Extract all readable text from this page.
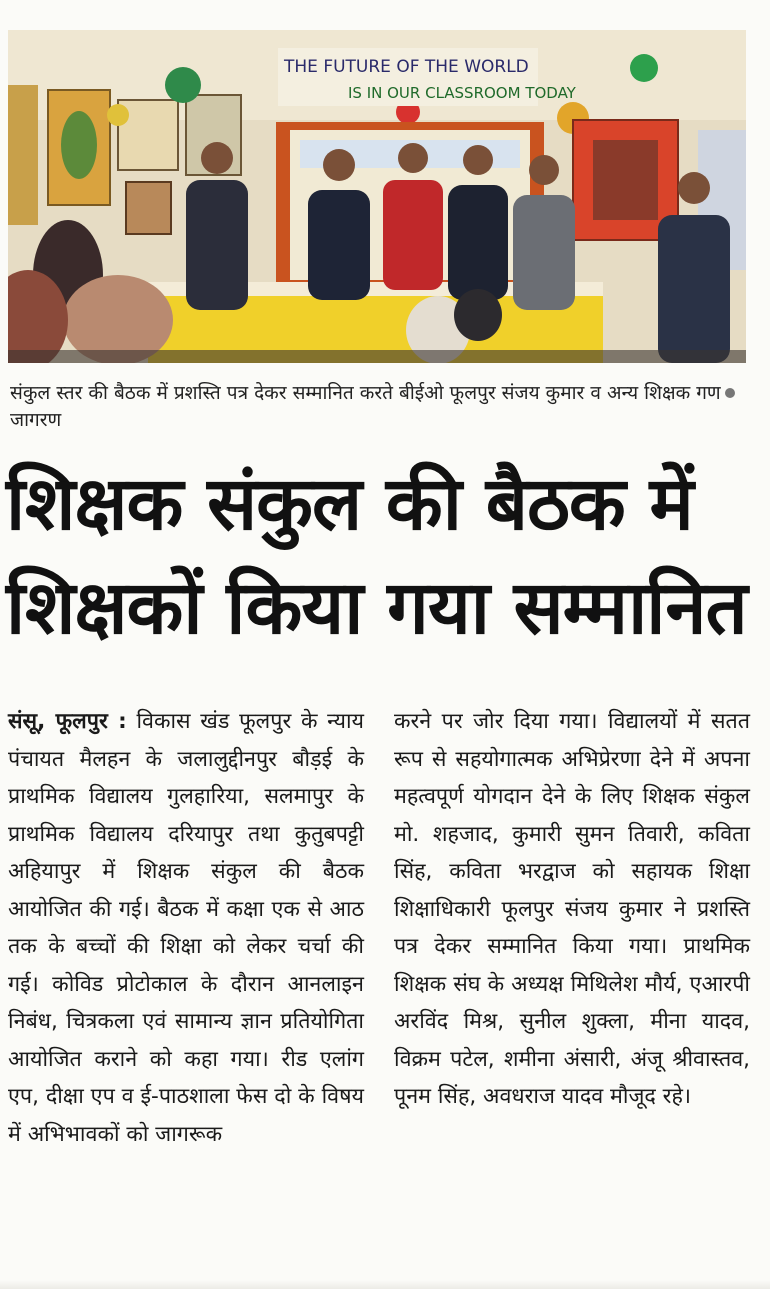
THE FUTURE OF THE WORLD
IS IN OUR CLASSROOM TODAY
संकुल स्तर की बैठक में प्रशस्ति पत्र देकर सम्मानित करते बीईओ फूलपुर संजय कुमार व अन्य शिक्षक गणजागरण
शिक्षक संकुल की बैठक में
शिक्षकों किया गया सम्मानित
संसू, फूलपुर : विकास खंड फूलपुर के न्याय पंचायत मैलहन के जलालुद्दीनपुर बौड़ई के प्राथमिक विद्यालय गुलहारिया, सलमापुर के प्राथमिक विद्यालय दरियापुर तथा कुतुबपट्टी अहियापुर में शिक्षक संकुल की बैठक आयोजित की गई। बैठक में कक्षा एक से आठ तक के बच्चों की शिक्षा को लेकर चर्चा की गई। कोविड प्रोटोकाल के दौरान आनलाइन निबंध, चित्रकला एवं सामान्य ज्ञान प्रतियोगिता आयोजित कराने को कहा गया। रीड एलांग एप, दीक्षा एप व ई-पाठशाला फेस दो के विषय में अभिभावकों को जागरूक
करने पर जोर दिया गया। विद्यालयों में सतत रूप से सहयोगात्मक अभिप्रेरणा देने में अपना महत्वपूर्ण योगदान देने के लिए शिक्षक संकुल मो. शहजाद, कुमारी सुमन तिवारी, कविता सिंह, कविता भरद्वाज को सहायक शिक्षा शिक्षाधिकारी फूलपुर संजय कुमार ने प्रशस्ति पत्र देकर सम्मानित किया गया। प्राथमिक शिक्षक संघ के अध्यक्ष मिथिलेश मौर्य, एआरपी अरविंद मिश्र, सुनील शुक्ला, मीना यादव, विक्रम पटेल, शमीना अंसारी, अंजू श्रीवास्तव, पूनम सिंह, अवधराज यादव मौजूद रहे।
